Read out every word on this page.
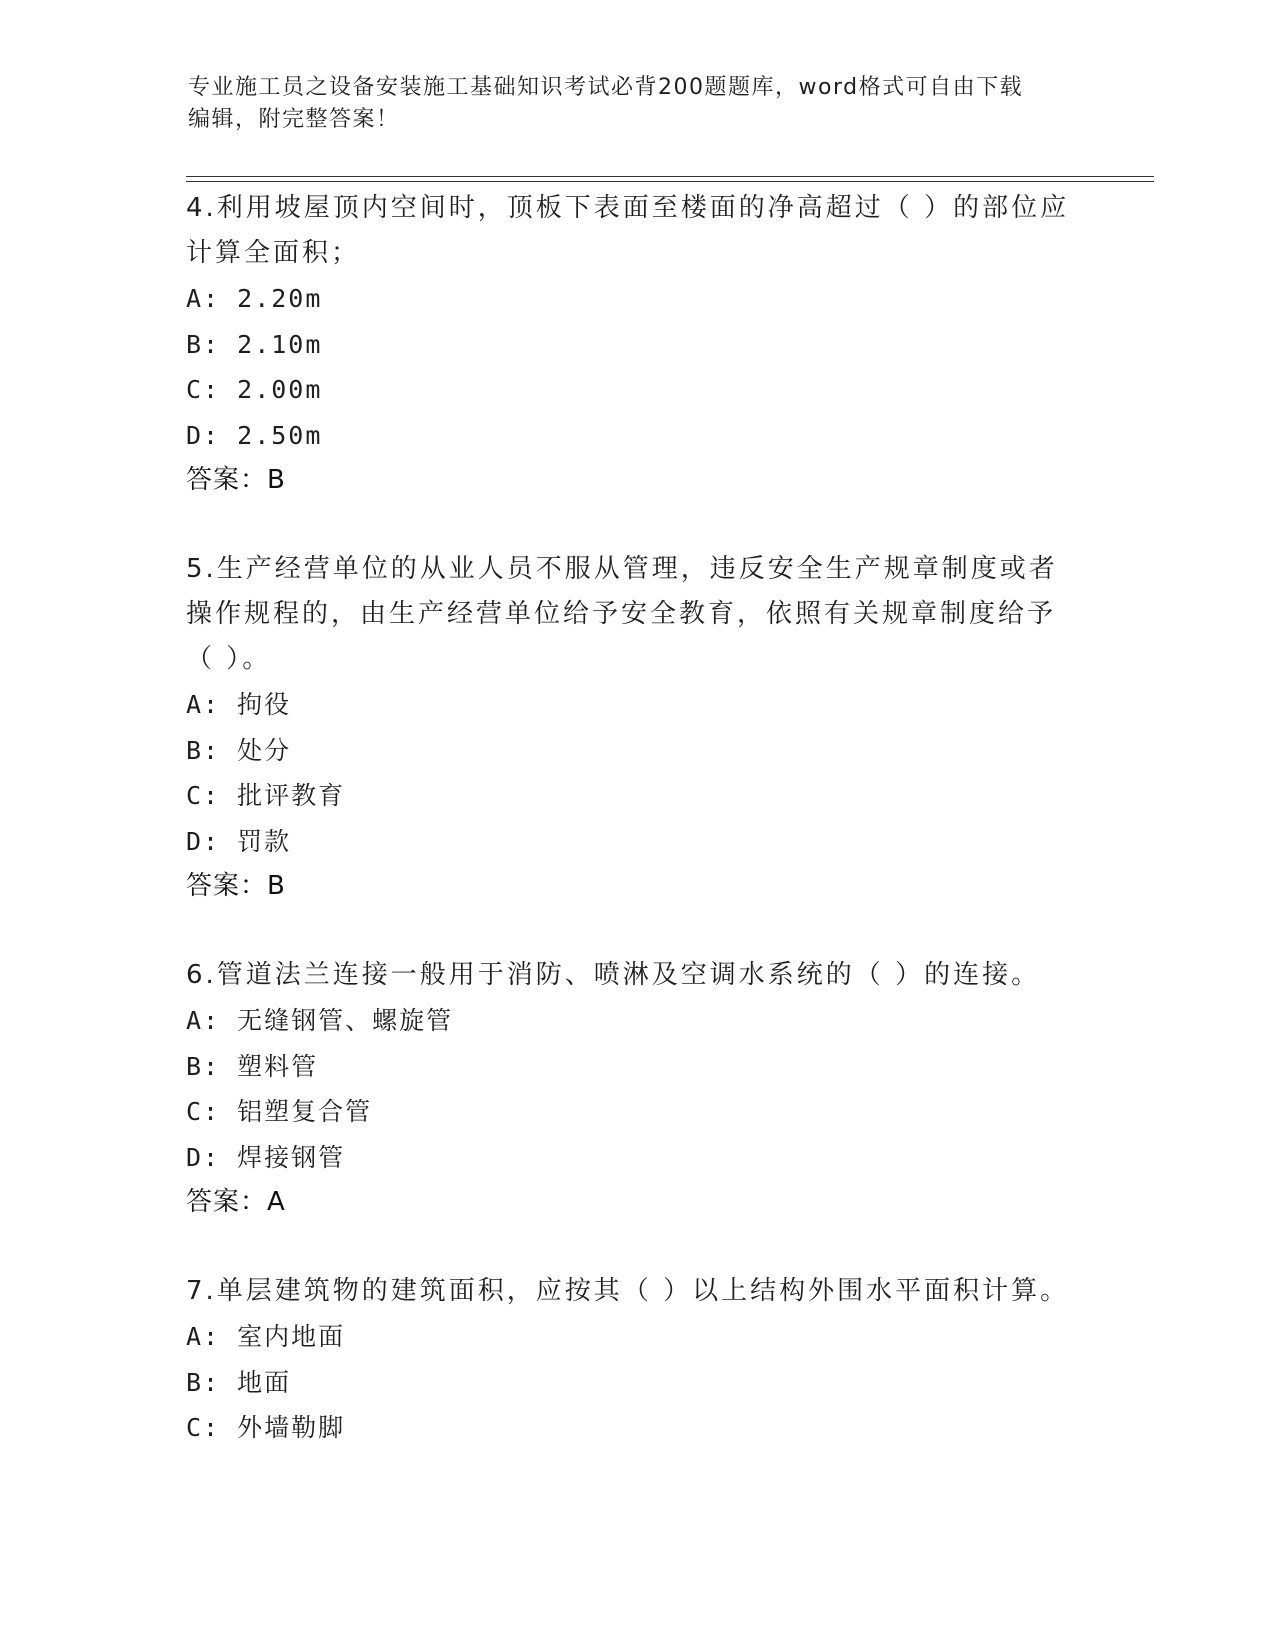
专业施工员之设备安装施工基础知识考试必背200题题库，word格式可自由下载
编辑，附完整答案！
4.利用坡屋顶内空间时，顶板下表面至楼面的净高超过（ ）的部位应
计算全面积；
A: 2.20m
B: 2.10m
C: 2.00m
D: 2.50m
答案：B
5.生产经营单位的从业人员不服从管理，违反安全生产规章制度或者
操作规程的，由生产经营单位给予安全教育，依照有关规章制度给予
（ ）。
A: 拘役
B: 处分
C: 批评教育
D: 罚款
答案：B
6.管道法兰连接一般用于消防、喷淋及空调水系统的（ ）的连接。
A: 无缝钢管、螺旋管
B: 塑料管
C: 铝塑复合管
D: 焊接钢管
答案：A
7.单层建筑物的建筑面积，应按其（ ）以上结构外围水平面积计算。
A: 室内地面
B: 地面
C: 外墙勒脚
